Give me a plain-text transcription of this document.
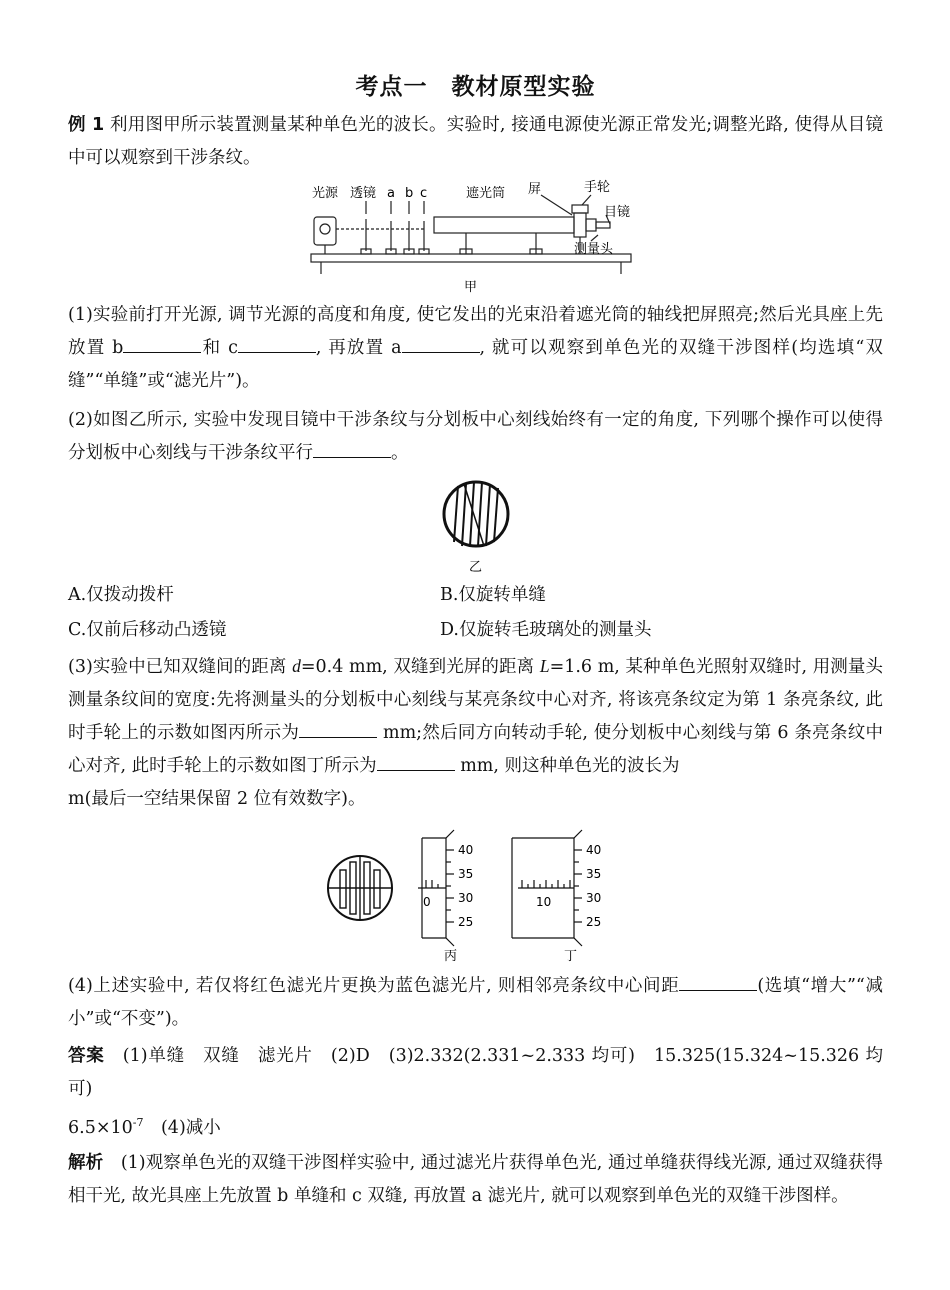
考点一　教材原型实验

例 1 利用图甲所示装置测量某种单色光的波长。实验时, 接通电源使光源正常发光;调整光路, 使得从目镜中可以观察到干涉条纹。

光源 透镜 a b c	遮光筒 屏	手轮
目镜
测量头
甲

(1)实验前打开光源, 调节光源的高度和角度, 使它发出的光束沿着遮光筒的轴线把屏照亮;然后光具座上先放置 b	和 c	, 再放置 a	, 就可以观察到单色光的双缝干涉图样(均选填“双缝”“单缝”或“滤光片”)。

(2)如图乙所示, 实验中发现目镜中干涉条纹与分划板中心刻线始终有一定的角度, 下列哪个操作可以使得分划板中心刻线与干涉条纹平行	。

乙
A.仅拨动拨杆	B.仅旋转单缝
C.仅前后移动凸透镜	D.仅旋转毛玻璃处的测量头

(3)实验中已知双缝间的距离 d=0.4 mm, 双缝到光屏的距离 L=1.6 m, 某种单色光照射双缝时, 用测量头测量条纹间的宽度:先将测量头的分划板中心刻线与某亮条纹中心对齐, 将该亮条纹定为第 1 条亮条纹, 此时手轮上的示数如图丙所示为	mm;然后同方向转动手轮, 使分划板中心刻线与第 6 条亮条纹中心对齐, 此时手轮上的示数如图丁所示为	mm, 则这种单色光的波长为
m(最后一空结果保留 2 位有效数字)。

40
35
30
25
0
丙
40
35
30
25
10
丁

(4)上述实验中, 若仅将红色滤光片更换为蓝色滤光片, 则相邻亮条纹中心间距	(选填“增大”“减小”或“不变”)。

答案　 (1)单缝　双缝　滤光片　(2)D　(3)2.332(2.331~2.333 均可)　15.325(15.324~15.326 均可)
$6.5\times 10^{-7}$　(4)减小

解析　 (1)观察单色光的双缝干涉图样实验中, 通过滤光片获得单色光, 通过单缝获得线光源, 通过双缝获得相干光, 故光具座上先放置 b 单缝和 c 双缝, 再放置 a 滤光片, 就可以观察到单色光的双缝干涉图样。
